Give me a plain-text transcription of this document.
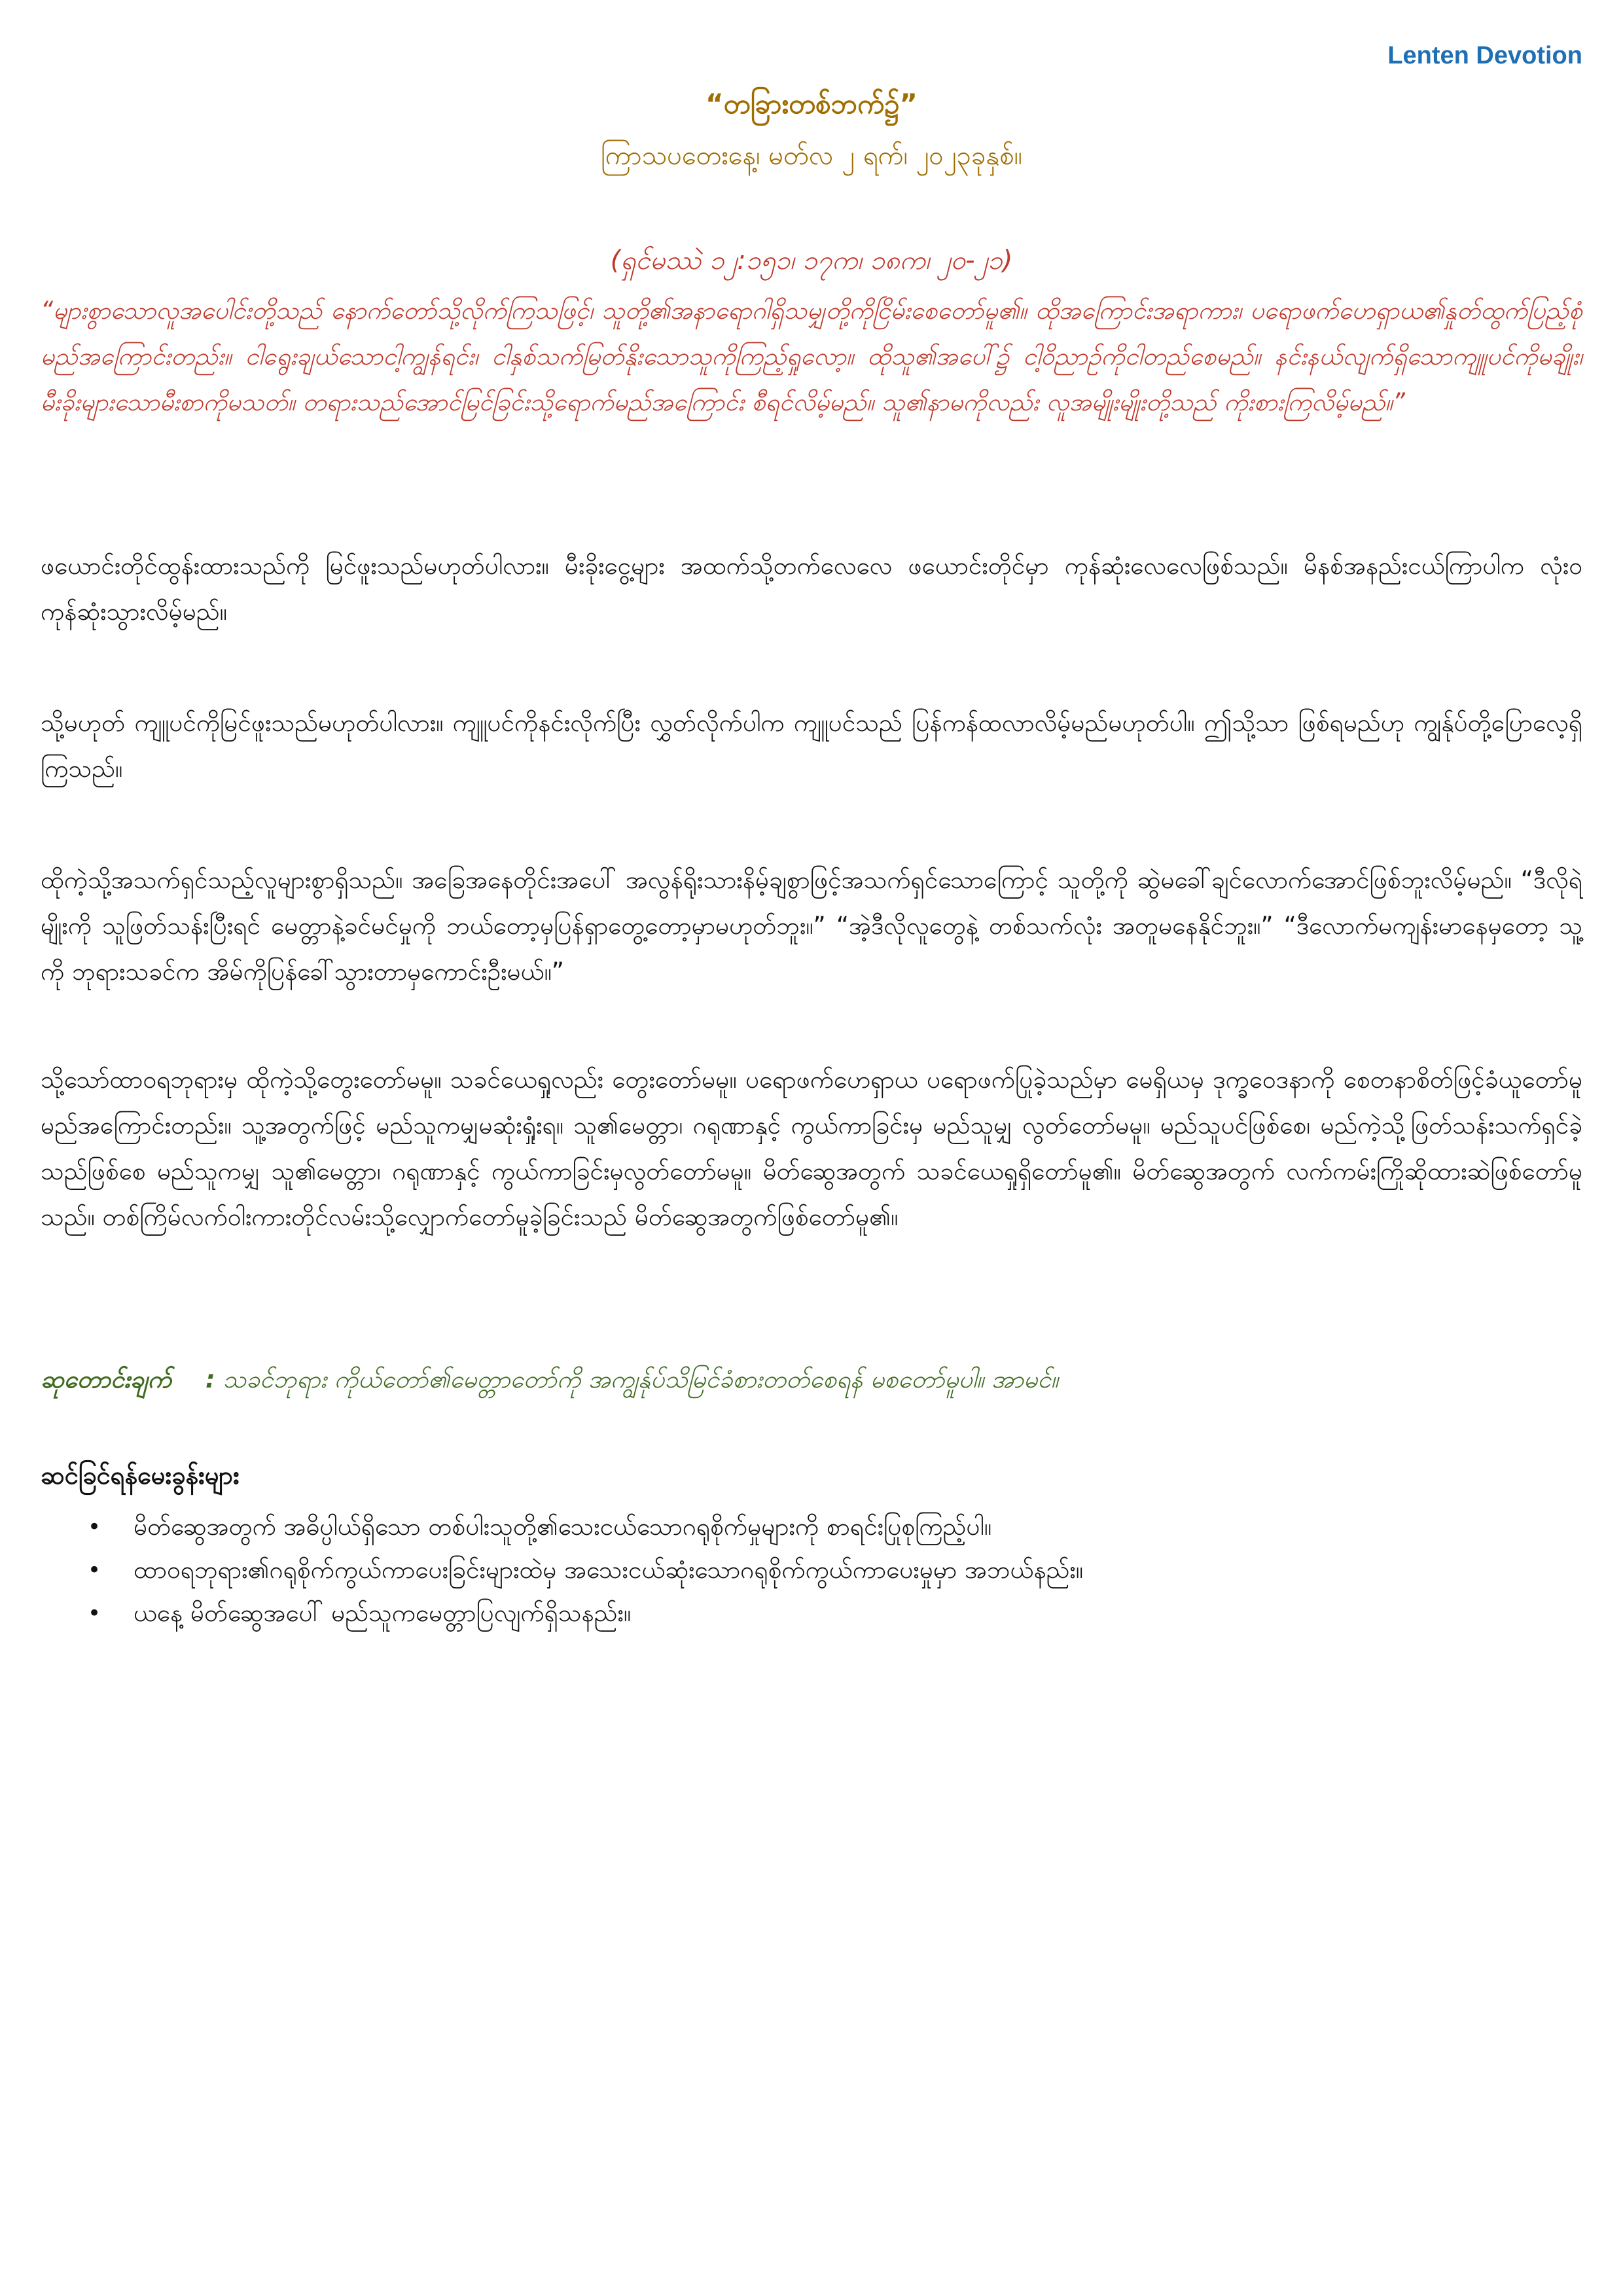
Lenten Devotion
“တခြားတစ်ဘက်၌”
ကြာသပတေးနေ့၊ မတ်လ ၂ ရက်၊ ၂၀၂၃ခုနှစ်။
(ရှင်မဿဲ ၁၂:၁၅၁၊ ၁၇က၊ ၁၈က၊ ၂၀-၂၁)

“များစွာသောလူအပေါင်းတို့သည် နောက်တော်သို့လိုက်ကြသဖြင့်၊ သူတို့၏အနာရောဂါရှိသမျှတို့ကိုငြိမ်းစေတော်မူ၏။ ထိုအကြောင်းအရာကား၊ ပရောဖက်ဟေရှာယ၏နှုတ်ထွက်ပြည့်စုံမည်အကြောင်းတည်း။ ငါရွေးချယ်သောငါ့ကျွန်ရင်း၊ ငါနှစ်သက်မြတ်နိုးသောသူကိုကြည့်ရှုလော့။ ထိုသူ၏အပေါ်၌ ငါ့ဝိညာဉ်ကိုငါတည်စေမည်။ နင်းနယ်လျက်ရှိသောကျူပင်ကိုမချိုး၊ မီးခိုးများသောမီးစာကိုမသတ်။ တရားသည်အောင်မြင်ခြင်းသို့ရောက်မည်အကြောင်း စီရင်လိမ့်မည်။ သူ၏နာမကိုလည်း လူအမျိုးမျိုးတို့သည် ကိုးစားကြလိမ့်မည်။”

ဖယောင်းတိုင်ထွန်းထားသည်ကို မြင်ဖူးသည်မဟုတ်ပါလား။ မီးခိုးငွေ့များ အထက်သို့တက်လေလေ ဖယောင်းတိုင်မှာ ကုန်ဆုံးလေလေဖြစ်သည်။ မိနစ်အနည်းငယ်ကြာပါက လုံးဝကုန်ဆုံးသွားလိမ့်မည်။

သို့မဟုတ် ကျူပင်ကိုမြင်ဖူးသည်မဟုတ်ပါလား။ ကျူပင်ကိုနင်းလိုက်ပြီး လွှတ်လိုက်ပါက ကျူပင်သည် ပြန်ကန်ထလာလိမ့်မည်မဟုတ်ပါ။ ဤသို့သာ ဖြစ်ရမည်ဟု ကျွန်ုပ်တို့ပြောလေ့ရှိကြသည်။

ထိုကဲ့သို့အသက်ရှင်သည့်လူများစွာရှိသည်။ အခြေအနေတိုင်းအပေါ် အလွန်ရိုးသားနိမ့်ချစွာဖြင့်အသက်ရှင်သောကြောင့် သူတို့ကို ဆွဲမခေါ်ချင်လောက်အောင်ဖြစ်ဘူးလိမ့်မည်။ “ဒီလိုရဲမျိုးကို သူဖြတ်သန်းပြီးရင် မေတ္တာနဲ့ခင်မင်မှုကို ဘယ်တော့မှပြန်ရှာတွေ့တော့မှာမဟုတ်ဘူး။” “အဲ့ဒီလိုလူတွေနဲ့ တစ်သက်လုံး အတူမနေနိုင်ဘူး။” “ဒီလောက်မကျန်းမာနေမှတော့ သူ့ကို ဘုရားသခင်က အိမ်ကိုပြန်ခေါ်သွားတာမှကောင်းဦးမယ်။”

သို့သော်ထာဝရဘုရားမှ ထိုကဲ့သို့တွေးတော်မမူ။ သခင်ယေရှုလည်း တွေးတော်မမူ။ ပရောဖက်ဟေရှာယ ပရောဖက်ပြုခဲ့သည်မှာ မေရှိယမှ ဒုက္ခဝေဒနာကို စေတနာစိတ်ဖြင့်ခံယူတော်မူမည်အကြောင်းတည်း။ သူ့အတွက်ဖြင့် မည်သူကမျှမဆုံးရှုံးရ။ သူ၏မေတ္တာ၊ ဂရုဏာနှင့် ကွယ်ကာခြင်းမှ မည်သူမျှ လွတ်တော်မမူ။ မည်သူပင်ဖြစ်စေ၊ မည်ကဲ့သို့ဖြတ်သန်းသက်ရှင်ခဲ့သည်ဖြစ်စေ မည်သူကမျှ သူ၏မေတ္တာ၊ ဂရုဏာနှင့် ကွယ်ကာခြင်းမှလွတ်တော်မမူ။ မိတ်ဆွေအတွက် သခင်ယေရှုရှိတော်မူ၏။ မိတ်ဆွေအတွက် လက်ကမ်းကြိုဆိုထားဆဲဖြစ်တော်မူသည်။ တစ်ကြိမ်လက်ဝါးကားတိုင်လမ်းသို့လျှောက်တော်မူခဲ့ခြင်းသည် မိတ်ဆွေအတွက်ဖြစ်တော်မူ၏။

ဆုတောင်းချက် : သခင်ဘုရား ကိုယ်တော်၏မေတ္တာတော်ကို အကျွန်ုပ်သိမြင်ခံစားတတ်စေရန် မစတော်မူပါ။ အာမင်။
ဆင်ခြင်ရန်မေးခွန်းများ
• မိတ်ဆွေအတွက် အဓိပ္ပါယ်ရှိသော တစ်ပါးသူတို့၏သေးငယ်သောဂရုစိုက်မှုများကို စာရင်းပြုစုကြည့်ပါ။
• ထာဝရဘုရား၏ဂရုစိုက်ကွယ်ကာပေးခြင်းများထဲမှ အသေးငယ်ဆုံးသောဂရုစိုက်ကွယ်ကာပေးမှုမှာ အဘယ်နည်း။
• ယနေ့ မိတ်ဆွေအပေါ် မည်သူကမေတ္တာပြလျက်ရှိသနည်း။
